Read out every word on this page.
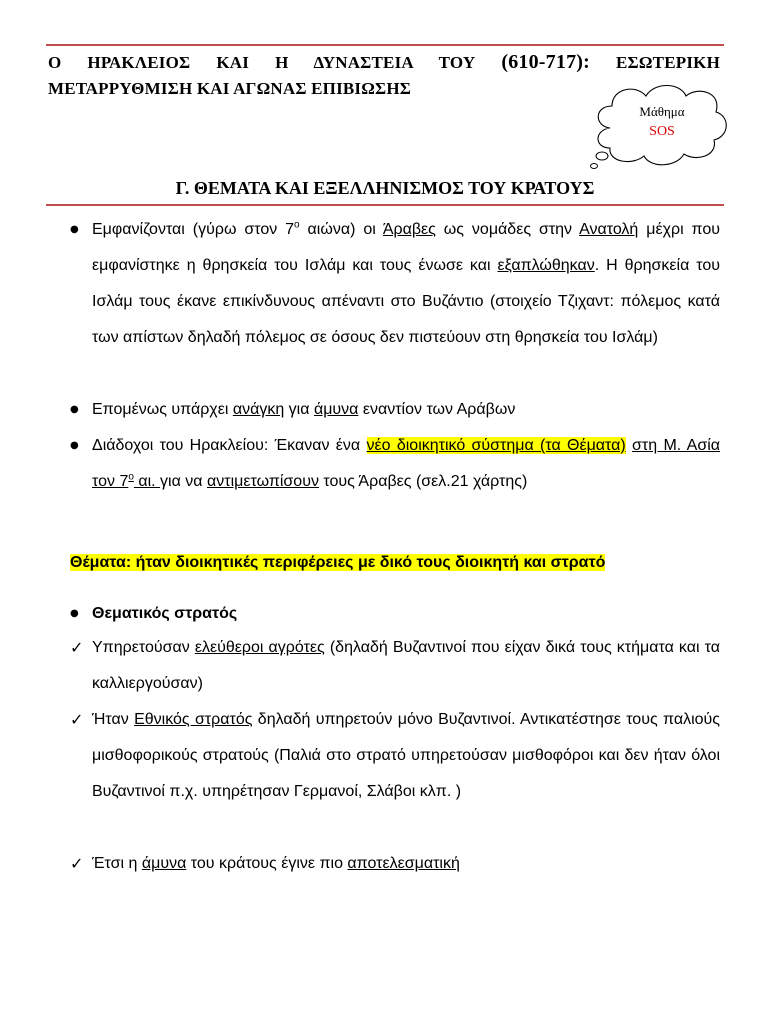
Ο ΗΡΑΚΛΕΙΟΣ ΚΑΙ Η ΔΥΝΑΣΤΕΙΑ ΤΟΥ (610-717): ΕΣΩΤΕΡΙΚΗ
ΜΕΤΑΡΡΥΘΜΙΣΗ ΚΑΙ ΑΓΩΝΑΣ ΕΠΙΒΙΩΣΗΣ
Μάθημα
SOS
Γ. ΘΕΜΑΤΑ ΚΑΙ ΕΞΕΛΛΗΝΙΣΜΟΣ ΤΟΥ ΚΡΑΤΟΥΣ
● Εμφανίζονται (γύρω στον $7^o$ αιώνα) οι Άραβες ως νομάδες στην Ανατολή μέχρι που εμφανίστηκε η θρησκεία του Ισλάμ και τους ένωσε και εξαπλώθηκαν. Η θρησκεία του Ισλάμ τους έκανε επικίνδυνους απέναντι στο Βυζάντιο (στοιχείο Τζιχαντ: πόλεμος κατά των απίστων δηλαδή πόλεμος σε όσους δεν πιστεύουν στη θρησκεία του Ισλάμ)

● Επομένως υπάρχει ανάγκη για άμυνα εναντίον των Αράβων

● Διάδοχοι του Ηρακλείου: Έκαναν ένα νέο διοικητικό σύστημα (τα Θέματα) στη Μ. Ασία τον $7^o$ αι. για να αντιμετωπίσουν τους Άραβες (σελ.21 χάρτης)

Θέματα: ήταν διοικητικές περιφέρειες με δικό τους διοικητή και στρατό

● Θεματικός στρατός

✓ Υπηρετούσαν ελεύθεροι αγρότες (δηλαδή Βυζαντινοί που είχαν δικά τους κτήματα και τα καλλιεργούσαν)

✓ Ήταν Εθνικός στρατός δηλαδή υπηρετούν μόνο Βυζαντινοί. Αντικατέστησε τους παλιούς μισθοφορικούς στρατούς (Παλιά στο στρατό υπηρετούσαν μισθοφόροι και δεν ήταν όλοι Βυζαντινοί π.χ. υπηρέτησαν Γερμανοί, Σλάβοι κλπ. )

✓ Έτσι η άμυνα του κράτους έγινε πιο αποτελεσματική
